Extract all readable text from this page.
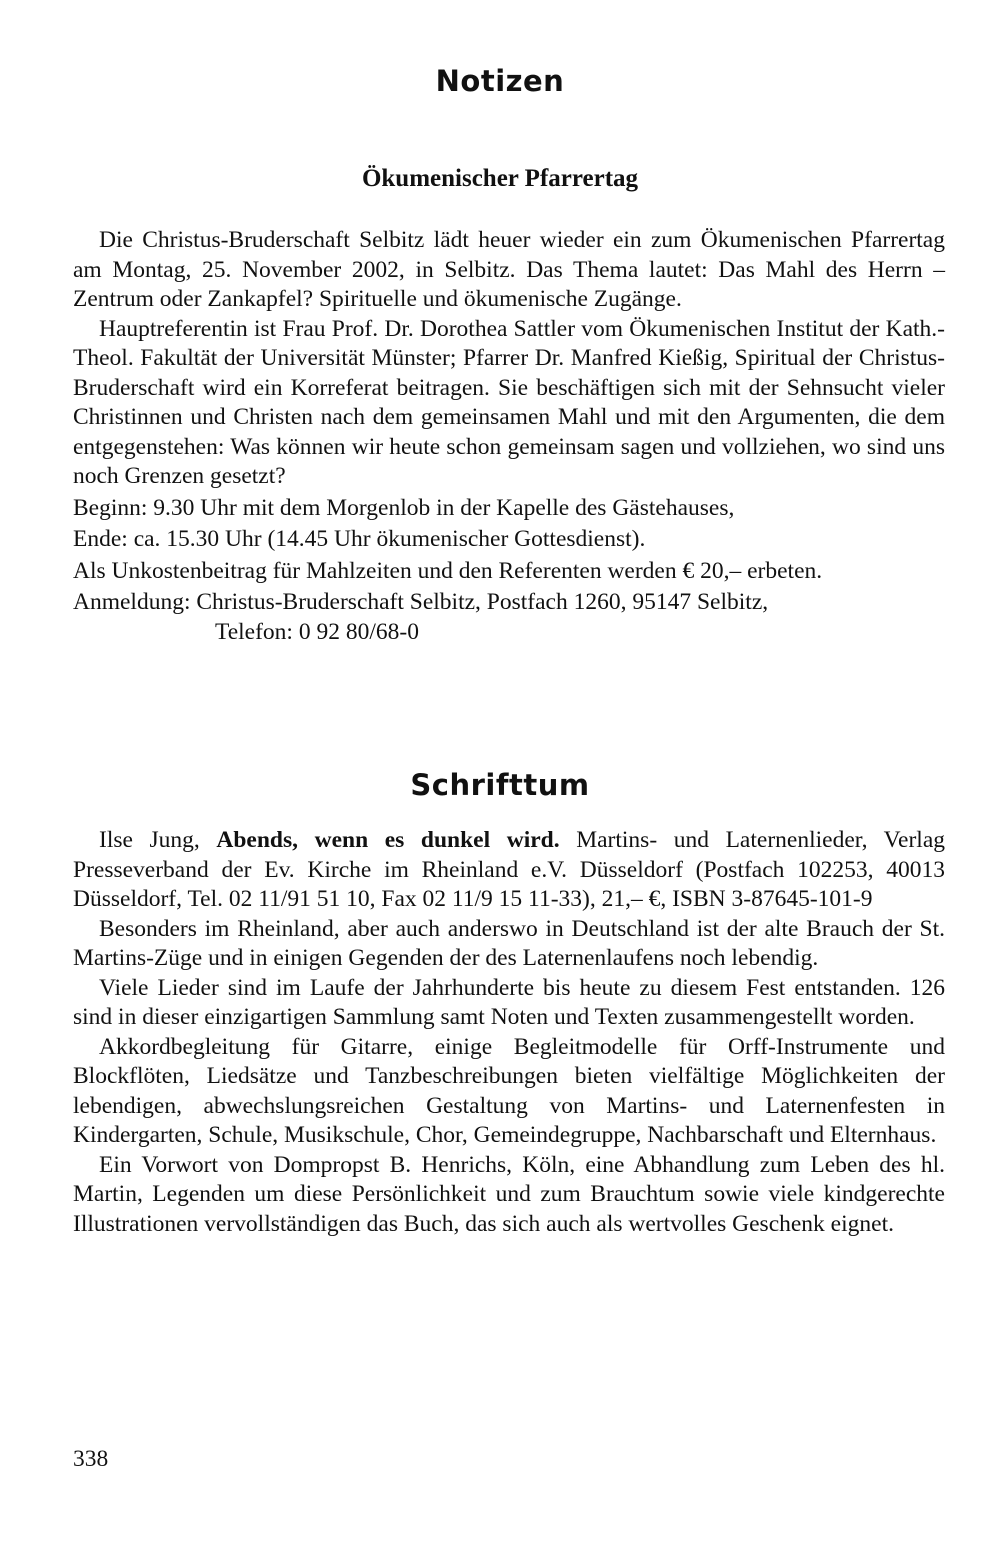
Notizen
Ökumenischer Pfarrertag

Die Christus-Bruderschaft Selbitz lädt heuer wieder ein zum Ökumenischen Pfarrertag am Montag, 25. November 2002, in Selbitz. Das Thema lautet: Das Mahl des Herrn – Zentrum oder Zankapfel? Spirituelle und ökumenische Zugänge.

Hauptreferentin ist Frau Prof. Dr. Dorothea Sattler vom Ökumenischen Institut der Kath.-Theol. Fakultät der Universität Münster; Pfarrer Dr. Manfred Kießig, Spiritual der Christus-Bruderschaft wird ein Korreferat beitragen. Sie beschäftigen sich mit der Sehnsucht vieler Christinnen und Christen nach dem gemeinsamen Mahl und mit den Argumenten, die dem entgegenstehen: Was können wir heute schon gemeinsam sagen und vollziehen, wo sind uns noch Grenzen gesetzt?

Beginn: 9.30 Uhr mit dem Morgenlob in der Kapelle des Gästehauses,

Ende: ca. 15.30 Uhr (14.45 Uhr ökumenischer Gottesdienst).

Als Unkostenbeitrag für Mahlzeiten und den Referenten werden € 20,– erbeten.

Anmeldung: Christus-Bruderschaft Selbitz, Postfach 1260, 95147 Selbitz,

Telefon: 0 92 80/68-0

Schrifttum

Ilse Jung, Abends, wenn es dunkel wird. Martins- und Laternenlieder, Verlag Presseverband der Ev. Kirche im Rheinland e.V. Düsseldorf (Postfach 102253, 40013 Düsseldorf, Tel. 02 11/91 51 10, Fax 02 11/9 15 11-33), 21,– €, ISBN 3-87645-101-9

Besonders im Rheinland, aber auch anderswo in Deutschland ist der alte Brauch der St. Martins-Züge und in einigen Gegenden der des Laternenlaufens noch lebendig.

Viele Lieder sind im Laufe der Jahrhunderte bis heute zu diesem Fest entstanden. 126 sind in dieser einzigartigen Sammlung samt Noten und Texten zusammengestellt worden.

Akkordbegleitung für Gitarre, einige Begleitmodelle für Orff-Instrumente und Blockflöten, Liedsätze und Tanzbeschreibungen bieten vielfältige Möglichkeiten der lebendigen, abwechslungsreichen Gestaltung von Martins- und Laternenfesten in Kindergarten, Schule, Musikschule, Chor, Gemeindegruppe, Nachbarschaft und Elternhaus.

Ein Vorwort von Dompropst B. Henrichs, Köln, eine Abhandlung zum Leben des hl. Martin, Legenden um diese Persönlichkeit und zum Brauchtum sowie viele kindgerechte Illustrationen vervollständigen das Buch, das sich auch als wertvolles Geschenk eignet.

338
